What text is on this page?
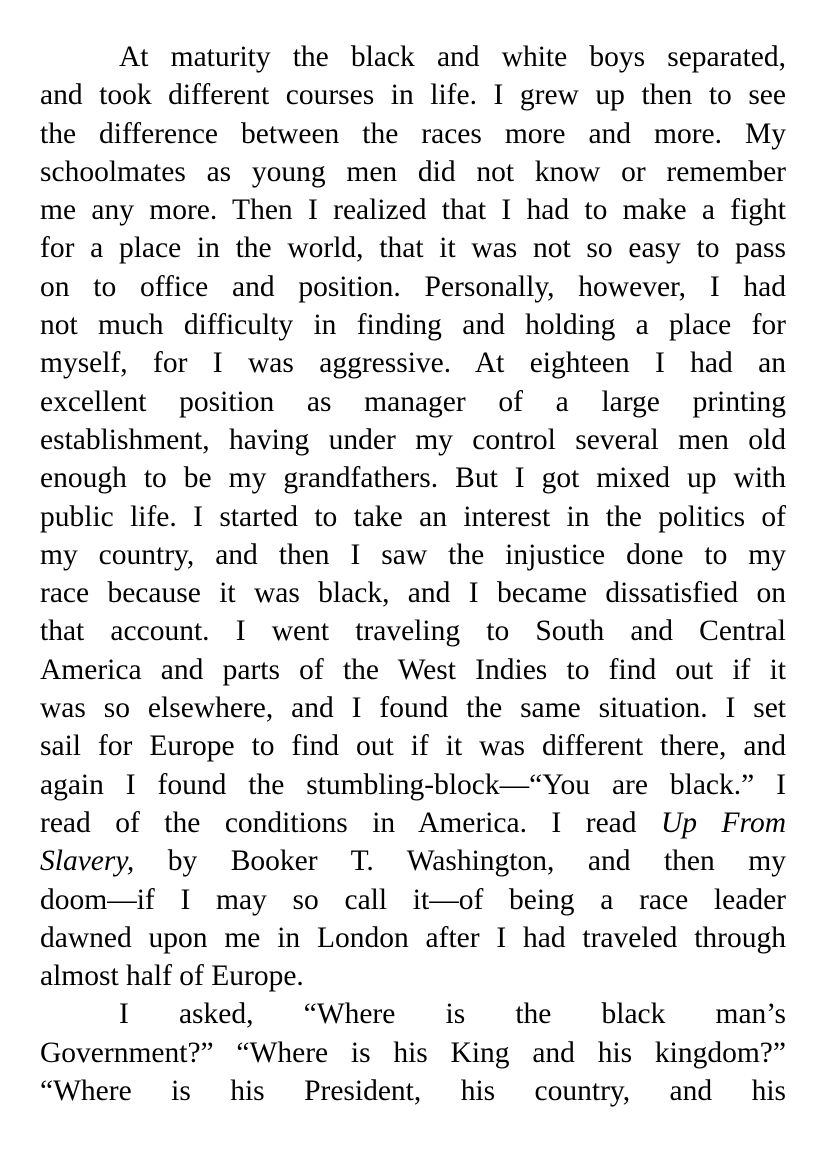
At maturity the black and white boys separated,
and took different courses in life. I grew up then to see
the difference between the races more and more. My
schoolmates as young men did not know or remember
me any more. Then I realized that I had to make a fight
for a place in the world, that it was not so easy to pass
on to office and position. Personally, however, I had
not much difficulty in finding and holding a place for
myself, for I was aggressive. At eighteen I had an
excellent position as manager of a large printing
establishment, having under my control several men old
enough to be my grandfathers. But I got mixed up with
public life. I started to take an interest in the politics of
my country, and then I saw the injustice done to my
race because it was black, and I became dissatisfied on
that account. I went traveling to South and Central
America and parts of the West Indies to find out if it
was so elsewhere, and I found the same situation. I set
sail for Europe to find out if it was different there, and
again I found the stumbling-block—“You are black.” I
read of the conditions in America. I read Up From
Slavery, by Booker T. Washington, and then my
doom—if I may so call it—of being a race leader
dawned upon me in London after I had traveled through
almost half of Europe.
I asked, “Where is the black man’s
Government?” “Where is his King and his kingdom?”
“Where is his President, his country, and his
